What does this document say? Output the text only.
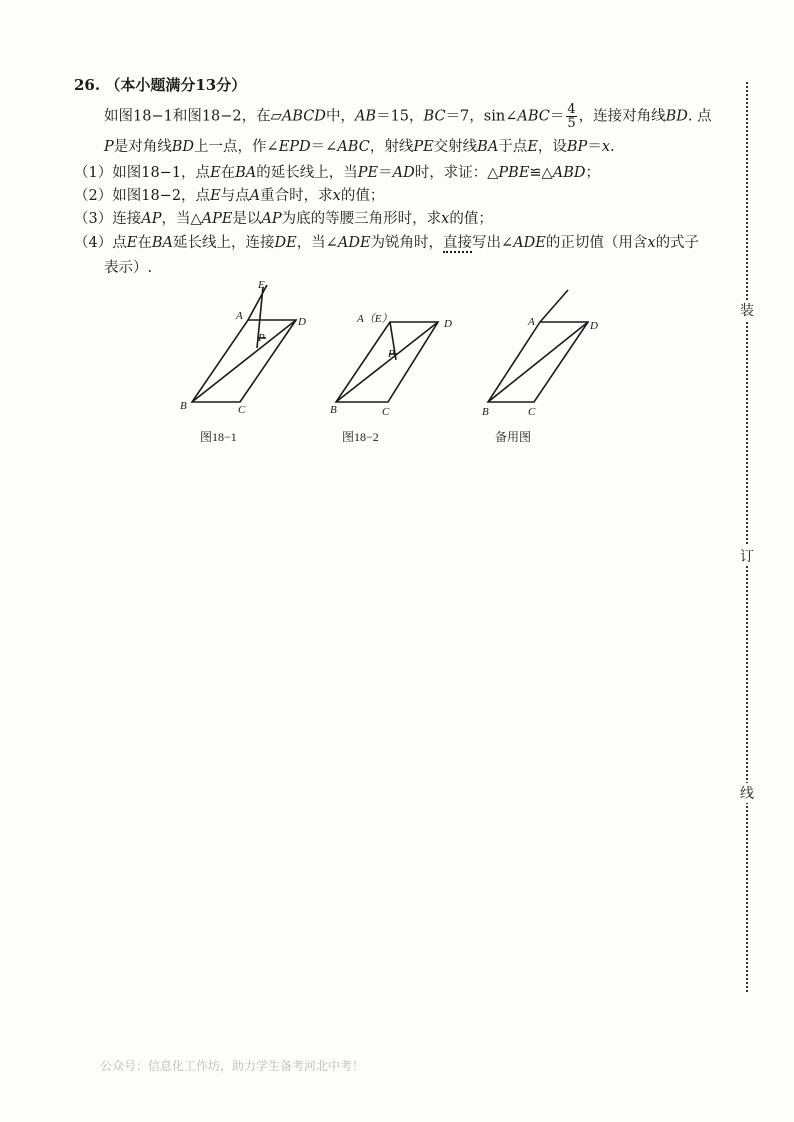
26. （本小题满分13分）
如图18−1和图18−2，在▱ABCD中，AB＝15，BC＝7，sin∠ABC＝ $\frac{4}{5}$ ，连接对角线BD. 点
P是对角线BD上一点，作∠EPD＝∠ABC，射线PE交射线BA于点E，设BP＝x.
（1）如图18−1，点E在BA的延长线上，当PE＝AD时，求证：△PBE≌△ABD；
（2）如图18−2，点E与点A重合时，求x的值；
（3）连接AP，当△APE是以AP为底的等腰三角形时，求x的值；
（4）点E在BA延长线上，连接DE，当∠ADE为锐角时，直接写出∠ADE的正切值（用含x的式子
表示）.
E
A
P
D
B	C
图18−1
A（E）
P
D
B	C
图18−2
A	D
B	C
备用图
装
订
线
公众号：信息化工作坊，助力学生备考河北中考！
